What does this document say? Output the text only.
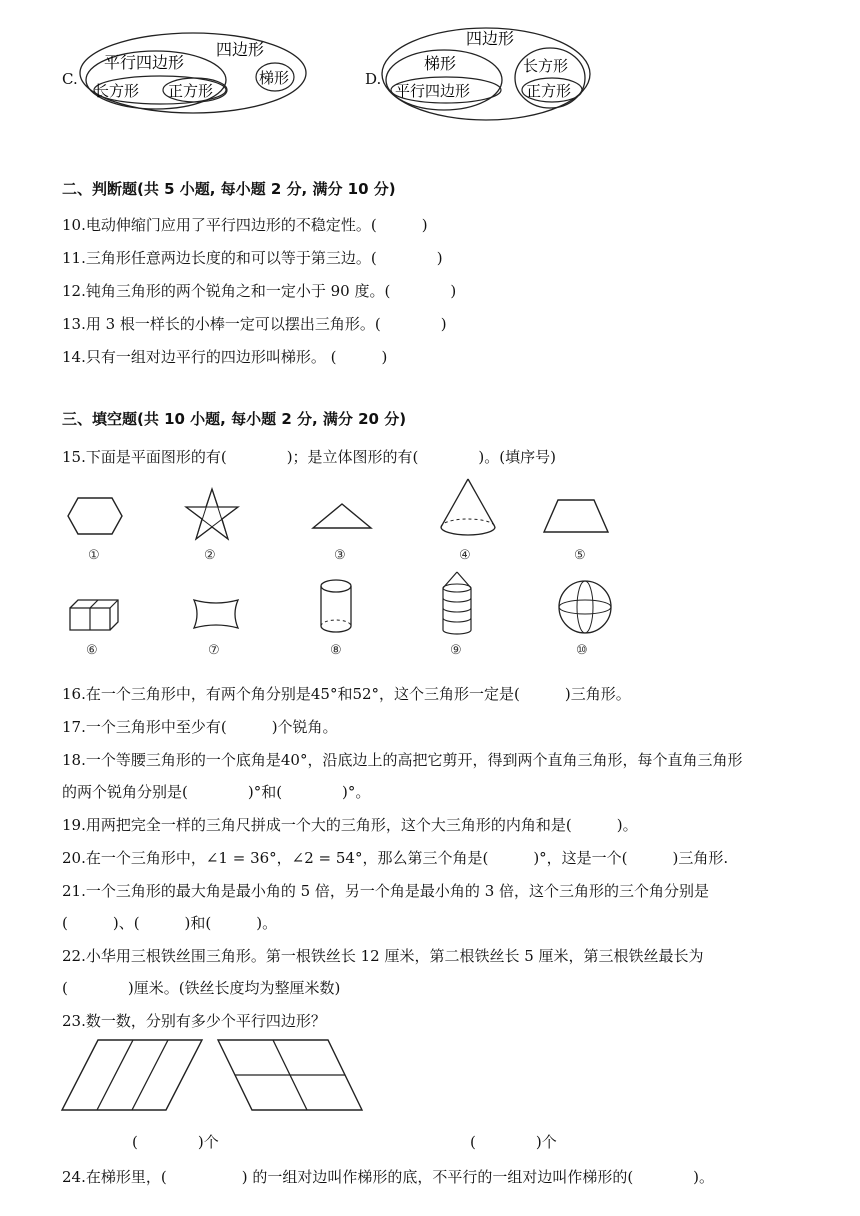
C.
四边形
平行四边形
长方形 正方形
梯形	D.
四边形
梯形
平行四边形
长方形
正方形
二、判断题(共 5 小题, 每小题 2 分, 满分 10 分)
10.电动伸缩门应用了平行四边形的不稳定性。(　　　)
11.三角形任意两边长度的和可以等于第三边。(　　　　)
12.钝角三角形的两个锐角之和一定小于 90 度。(　　　　)
13.用 3 根一样长的小棒一定可以摆出三角形。(　　　　)
14.只有一组对边平行的四边形叫梯形。 (　　　)
三、填空题(共 10 小题, 每小题 2 分, 满分 20 分)
15.下面是平面图形的有(　　　　)；是立体图形的有(　　　　)。(填序号)
①	②	③	④	⑤
⑥	⑦	⑧	⑨	⑩
16.在一个三角形中，有两个角分别是45°和52°，这个三角形一定是(　　　)三角形。
17.一个三角形中至少有(　　　)个锐角。
18.一个等腰三角形的一个底角是40°，沿底边上的高把它剪开，得到两个直角三角形，每个直角三角形
的两个锐角分别是(　　　　)°和(　　　　)°。
19.用两把完全一样的三角尺拼成一个大的三角形，这个大三角形的内角和是(　　　)。
20.在一个三角形中，∠1 = 36°，∠2 = 54°，那么第三个角是(　　　)°，这是一个(　　　)三角形.
21.一个三角形的最大角是最小角的 5 倍，另一个角是最小角的 3 倍，这个三角形的三个角分别是
(　　　)、(　　　)和(　　　)。
22.小华用三根铁丝围三角形。第一根铁丝长 12 厘米，第二根铁丝长 5 厘米，第三根铁丝最长为
(　　　　)厘米。(铁丝长度均为整厘米数)
23.数一数，分别有多少个平行四边形？
(　　　　)个	(　　　　)个
24.在梯形里，(　　　　　) 的一组对边叫作梯形的底，不平行的一组对边叫作梯形的(　　　　)。
